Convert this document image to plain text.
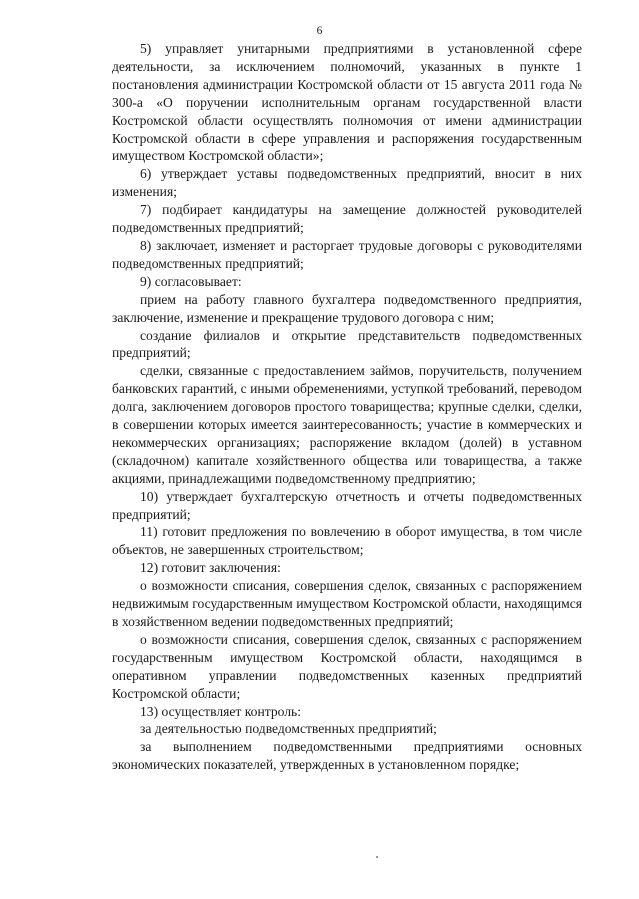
6

5) управляет унитарными предприятиями в установленной сфере деятельности, за исключением полномочий, указанных в пункте 1 постановления администрации Костромской области от 15 августа 2011 года № 300-а «О поручении исполнительным органам государственной власти Костромской области осуществлять полномочия от имени администрации Костромской области в сфере управления и распоряжения государственным имуществом Костромской области»;

6) утверждает уставы подведомственных предприятий, вносит в них изменения;

7) подбирает кандидатуры на замещение должностей руководителей подведомственных предприятий;

8) заключает, изменяет и расторгает трудовые договоры с руководителями подведомственных предприятий;

9) согласовывает:

прием на работу главного бухгалтера подведомственного предприятия, заключение, изменение и прекращение трудового договора с ним;

создание филиалов и открытие представительств подведомственных предприятий;

сделки, связанные с предоставлением займов, поручительств, получением банковских гарантий, с иными обременениями, уступкой требований, переводом долга, заключением договоров простого товарищества; крупные сделки, сделки, в совершении которых имеется заинтересованность; участие в коммерческих и некоммерческих организациях; распоряжение вкладом (долей) в уставном (складочном) капитале хозяйственного общества или товарищества, а также акциями, принадлежащими подведомственному предприятию;

10) утверждает бухгалтерскую отчетность и отчеты подведомственных предприятий;

11) готовит предложения по вовлечению в оборот имущества, в том числе объектов, не завершенных строительством;

12) готовит заключения:

о возможности списания, совершения сделок, связанных с распоряжением недвижимым государственным имуществом Костромской области, находящимся в хозяйственном ведении подведомственных предприятий;

о возможности списания, совершения сделок, связанных с распоряжением государственным имуществом Костромской области, находящимся в оперативном управлении подведомственных казенных предприятий Костромской области;

13) осуществляет контроль:

за деятельностью подведомственных предприятий;

за выполнением подведомственными предприятиями основных экономических показателей, утвержденных в установленном порядке;
